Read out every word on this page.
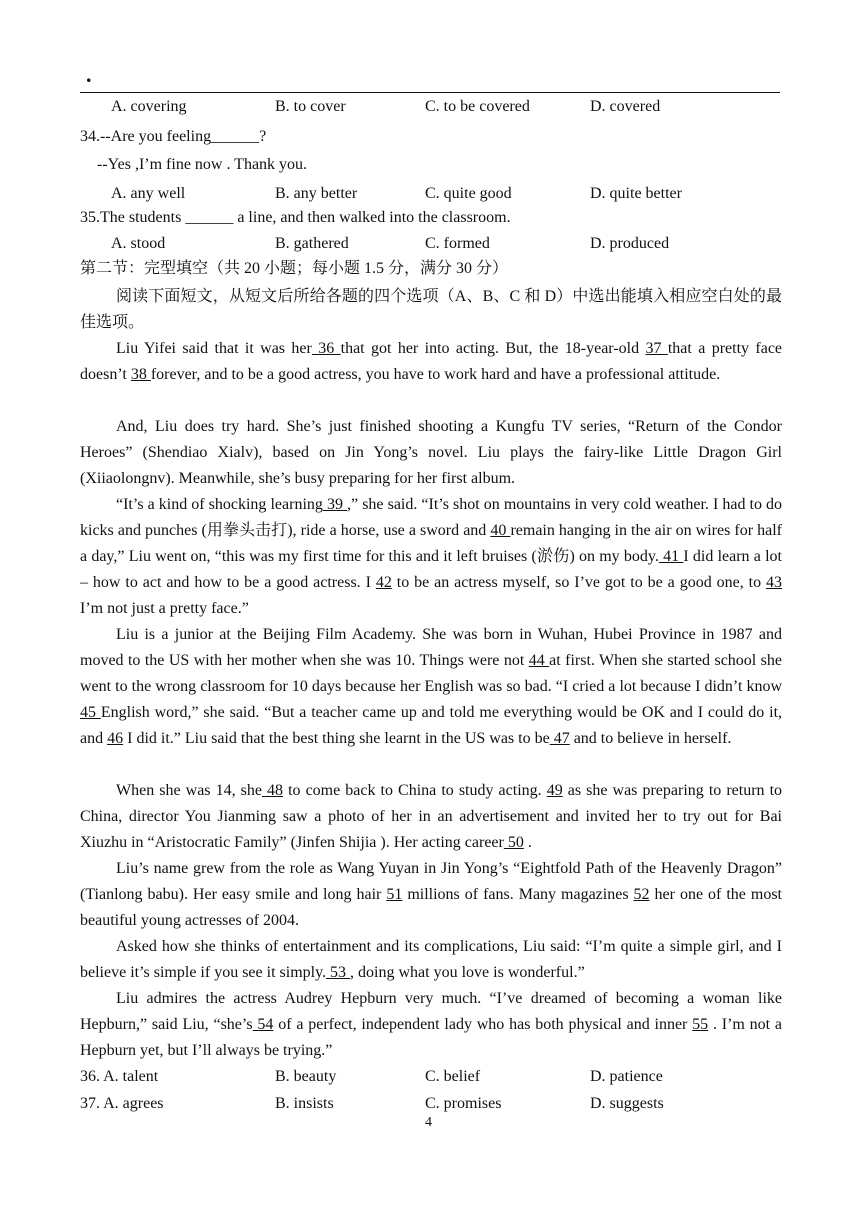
.
A. covering	B. to cover	C. to be covered	D. covered
34.--Are you feeling______?
--Yes ,I’m fine now . Thank you.
A. any well	B. any better	C. quite good	D. quite better
35.The students ______ a line, and then walked into the classroom.
A. stood	B. gathered	C. formed	D. produced
第二节：完型填空（共 20 小题；每小题 1.5 分，满分 30 分）

阅读下面短文，从短文后所给各题的四个选项（A、B、C 和 D）中选出能填入相应空白处的最佳选项。

Liu Yifei said that it was her 36 that got her into acting. But, the 18-year-old 37 that a pretty face doesn’t 38 forever, and to be a good actress, you have to work hard and have a professional attitude.

And, Liu does try hard. She’s just finished shooting a Kungfu TV series, “Return of the Condor Heroes” (Shendiao Xialv), based on Jin Yong’s novel. Liu plays the fairy-like Little Dragon Girl (Xiiaolongnv). Meanwhile, she’s busy preparing for her first album.

“It’s a kind of shocking learning 39 ,” she said. “It’s shot on mountains in very cold weather. I had to do kicks and punches (用拳头击打), ride a horse, use a sword and 40 remain hanging in the air on wires for half a day,” Liu went on, “this was my first time for this and it left bruises (淤伤) on my body. 41 I did learn a lot – how to act and how to be a good actress. I 42 to be an actress myself, so I’ve got to be a good one, to 43 I’m not just a pretty face.”

Liu is a junior at the Beijing Film Academy. She was born in Wuhan, Hubei Province in 1987 and moved to the US with her mother when she was 10. Things were not 44 at first. When she started school she went to the wrong classroom for 10 days because her English was so bad. “I cried a lot because I didn’t know 45 English word,” she said. “But a teacher came up and told me everything would be OK and I could do it, and 46 I did it.” Liu said that the best thing she learnt in the US was to be 47 and to believe in herself.

When she was 14, she 48 to come back to China to study acting. 49 as she was preparing to return to China, director You Jianming saw a photo of her in an advertisement and invited her to try out for Bai Xiuzhu in “Aristocratic Family” (Jinfen Shijia ). Her acting career 50 .

Liu’s name grew from the role as Wang Yuyan in Jin Yong’s “Eightfold Path of the Heavenly Dragon” (Tianlong babu). Her easy smile and long hair 51 millions of fans. Many magazines 52 her one of the most beautiful young actresses of 2004.

Asked how she thinks of entertainment and its complications, Liu said: “I’m quite a simple girl, and I believe it’s simple if you see it simply. 53 , doing what you love is wonderful.”

Liu admires the actress Audrey Hepburn very much. “I’ve dreamed of becoming a woman like Hepburn,” said Liu, “she’s 54 of a perfect, independent lady who has both physical and inner 55 . I’m not a Hepburn yet, but I’ll always be trying.”

36. A. talent	B. beauty	C. belief	D. patience
37. A. agrees	B. insists	C. promises	D. suggests
4
